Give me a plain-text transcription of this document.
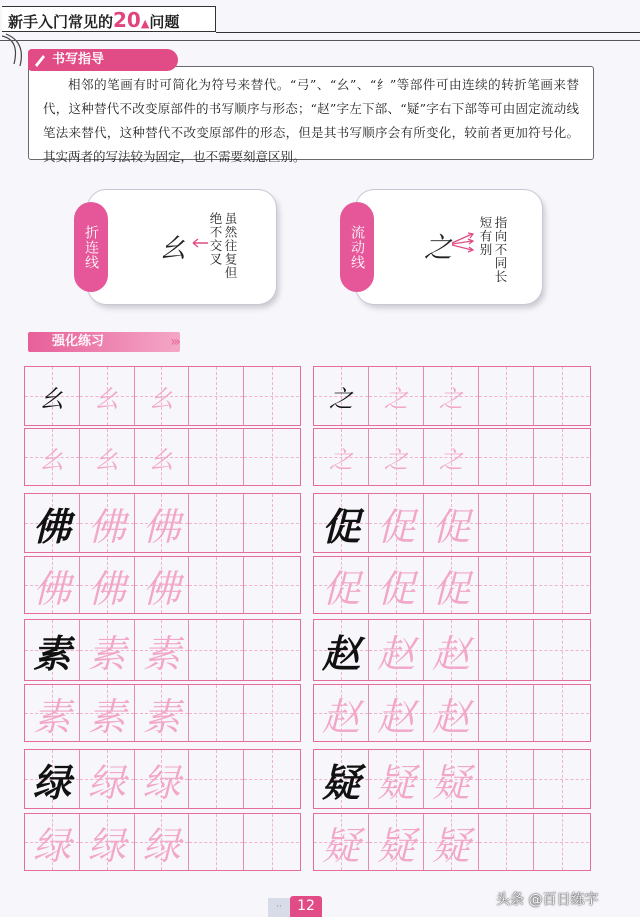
新手入门常见的20▲问题
相邻的笔画有时可简化为符号来替代。“弓”、“幺”、“纟”等部件可由连续的转折笔画来替代，这种替代不改变原部件的书写顺序与形态；“赵”字左下部、“疑”字右下部等可由固定流动线笔法来替代，这种替代不改变原部件的形态，但是其书写顺序会有所变化，较前者更加符号化。其实两者的写法较为固定，也不需要刻意区别。
书写指导
折连线 幺	虽然往复但绝不交叉	流动线 之	指向不同长短有别
强化练习	›››
幺	幺	幺	之	之	之
幺	幺	幺	之	之	之
佛 佛 佛	促 促 促
佛 佛 佛	促 促 促
素 素 素	赵 赵 赵
素 素 素	赵 赵 赵
绿 绿 绿	疑 疑 疑
绿 绿 绿	疑 疑 疑
··	12	头条 @百日练字
